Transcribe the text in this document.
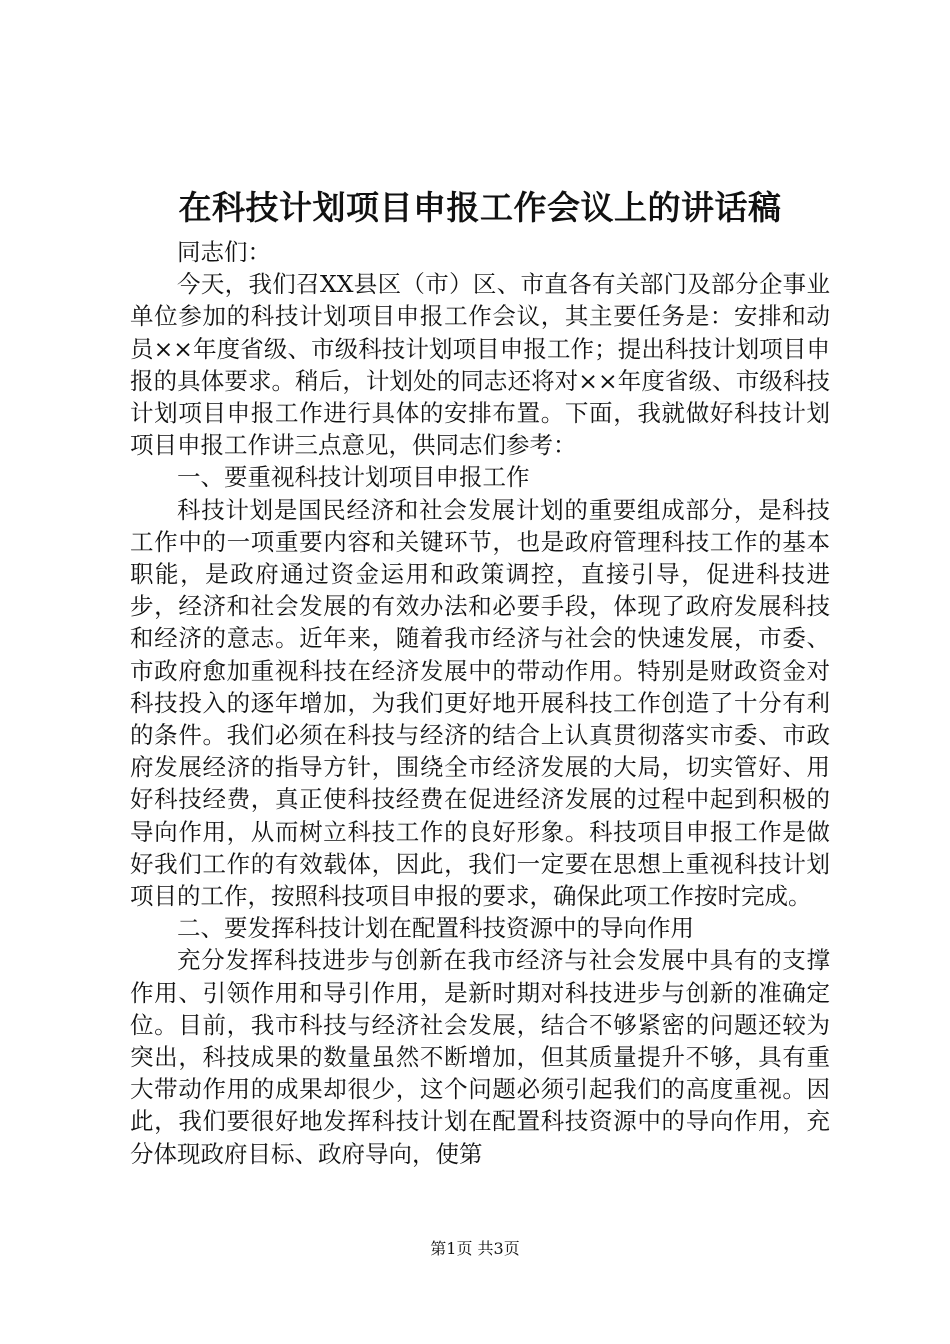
在科技计划项目申报工作会议上的讲话稿

同志们：

今天，我们召XX县区（市）区、市直各有关部门及部分企事业单位参加的科技计划项目申报工作会议，其主要任务是：安排和动员××年度省级、市级科技计划项目申报工作；提出科技计划项目申报的具体要求。稍后，计划处的同志还将对××年度省级、市级科技计划项目申报工作进行具体的安排布置。下面，我就做好科技计划项目申报工作讲三点意见，供同志们参考：

一、要重视科技计划项目申报工作

科技计划是国民经济和社会发展计划的重要组成部分，是科技工作中的一项重要内容和关键环节，也是政府管理科技工作的基本职能，是政府通过资金运用和政策调控，直接引导，促进科技进步，经济和社会发展的有效办法和必要手段，体现了政府发展科技和经济的意志。近年来，随着我市经济与社会的快速发展，市委、市政府愈加重视科技在经济发展中的带动作用。特别是财政资金对科技投入的逐年增加，为我们更好地开展科技工作创造了十分有利的条件。我们必须在科技与经济的结合上认真贯彻落实市委、市政府发展经济的指导方针，围绕全市经济发展的大局，切实管好、用好科技经费，真正使科技经费在促进经济发展的过程中起到积极的导向作用，从而树立科技工作的良好形象。科技项目申报工作是做好我们工作的有效载体，因此，我们一定要在思想上重视科技计划项目的工作，按照科技项目申报的要求，确保此项工作按时完成。

二、要发挥科技计划在配置科技资源中的导向作用

充分发挥科技进步与创新在我市经济与社会发展中具有的支撑作用、引领作用和导引作用，是新时期对科技进步与创新的准确定位。目前，我市科技与经济社会发展，结合不够紧密的问题还较为突出，科技成果的数量虽然不断增加，但其质量提升不够，具有重大带动作用的成果却很少，这个问题必须引起我们的高度重视。因此，我们要很好地发挥科技计划在配置科技资源中的导向作用，充分体现政府目标、政府导向，使第

第1页 共3页
